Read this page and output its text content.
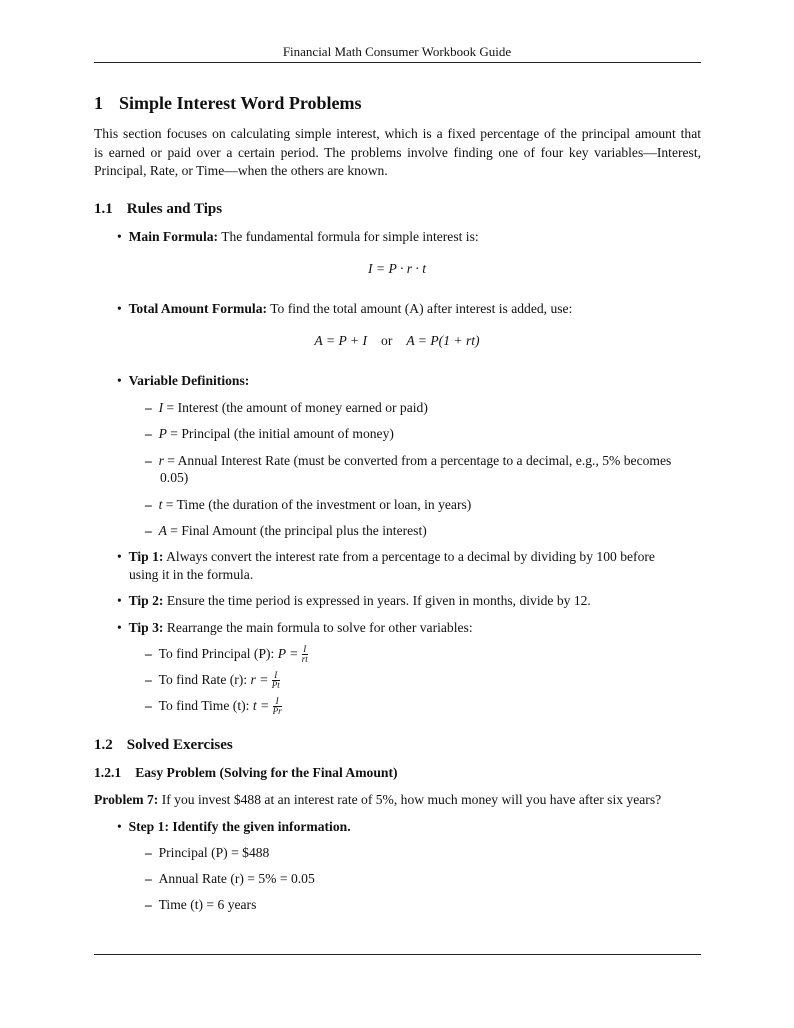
Financial Math Consumer Workbook Guide
1 Simple Interest Word Problems
This section focuses on calculating simple interest, which is a fixed percentage of the principal amount that
is earned or paid over a certain period. The problems involve finding one of four key variables—Interest,
Principal, Rate, or Time—when the others are known.
1.1 Rules and Tips
•  Main Formula: The fundamental formula for simple interest is:
I = P · r · t
•  Total Amount Formula: To find the total amount (A) after interest is added, use:
A = P + I or A = P(1 + rt)
•  Variable Definitions:
– I = Interest (the amount of money earned or paid)
– P = Principal (the initial amount of money)
– r = Annual Interest Rate (must be converted from a percentage to a decimal, e.g., 5% becomes
0.05)
– t = Time (the duration of the investment or loan, in years)
– A = Final Amount (the principal plus the interest)
•  Tip 1: Always convert the interest rate from a percentage to a decimal by dividing by 100 before
using it in the formula.
•  Tip 2: Ensure the time period is expressed in years. If given in months, divide by 12.
•  Tip 3: Rearrange the main formula to solve for other variables:
– To find Principal (P): $P = \frac{I}{rt}$
– To find Rate (r): $r = \frac{I}{Pt}$
– To find Time (t): $t = \frac{I}{Pr}$
1.2 Solved Exercises
1.2.1 Easy Problem (Solving for the Final Amount)
Problem 7: If you invest $488 at an interest rate of 5%, how much money will you have after six years?
•  Step 1: Identify the given information.
– Principal (P) = $488
– Annual Rate (r) = 5% = 0.05
– Time (t) = 6 years
